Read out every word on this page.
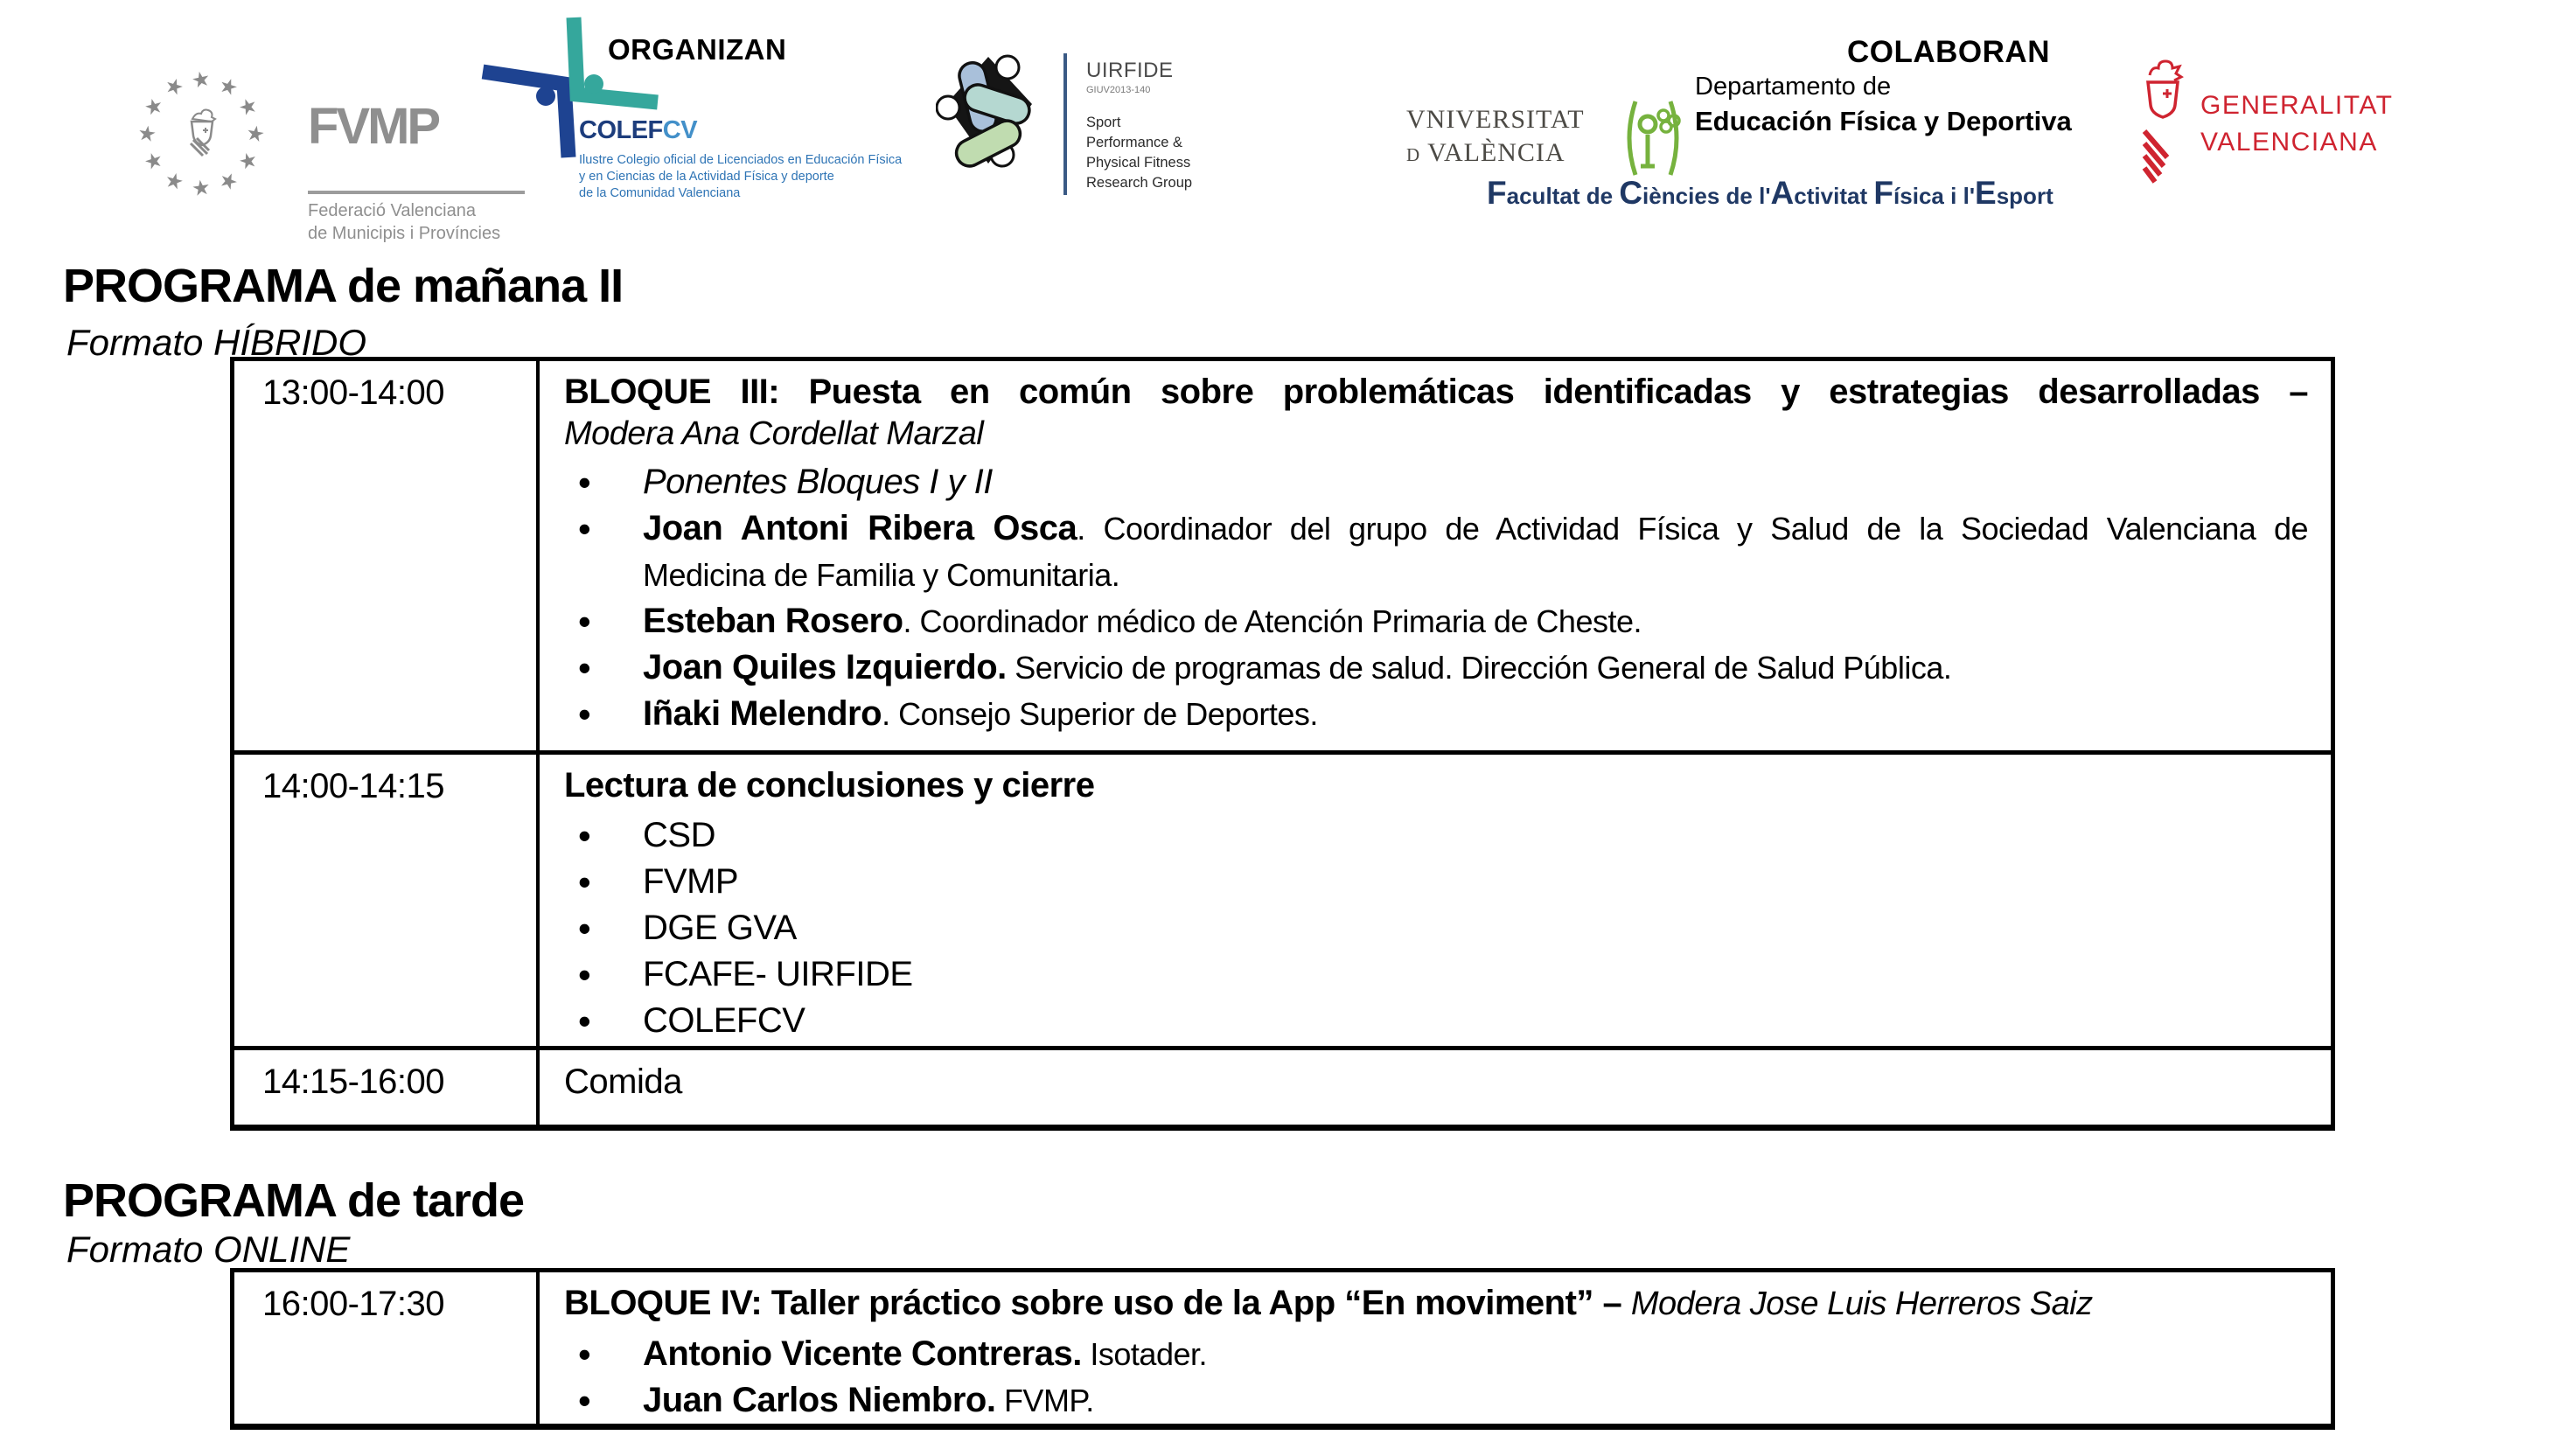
★
★
★
★
★
★
★
★
★
★
★
★
FVMP
Federació Valenciana
de Municipis i Províncies
ORGANIZAN
COLEFCV
Ilustre Colegio oficial de Licenciados en Educación Física
y en Ciencias de la Actividad Física y deporte
de la Comunidad Valenciana
UIRFIDE
GIUV2013-140
Sport
Performance &
Physical Fitness
Research Group
COLABORAN
VNIVERSITAT
D VALÈNCIA
Departamento de
Educación Física y Deportiva
Facultat de Ciències de l'Activitat Física i l'Esport
GENERALITAT
VALENCIANA
PROGRAMA de mañana II
Formato HÍBRIDO
13:00-14:00	BLOQUE III: Puesta en común sobre problemáticas identificadas y estrategias desarrolladas –
Modera Ana Cordellat Marzal
• Ponentes Bloques I y II
• Joan Antoni Ribera Osca. Coordinador del grupo de Actividad Física y Salud de la Sociedad Valenciana de
Medicina de Familia y Comunitaria.
• Esteban Rosero. Coordinador médico de Atención Primaria de Cheste.
• Joan Quiles Izquierdo. Servicio de programas de salud. Dirección General de Salud Pública.
• Iñaki Melendro. Consejo Superior de Deportes.
14:00-14:15	Lectura de conclusiones y cierre
• CSD
• FVMP
• DGE GVA
• FCAFE- UIRFIDE
• COLEFCV
14:15-16:00	Comida
PROGRAMA de tarde
Formato ONLINE
16:00-17:30	BLOQUE IV: Taller práctico sobre uso de la App “En moviment” – Modera Jose Luis Herreros Saiz
• Antonio Vicente Contreras. Isotader.
• Juan Carlos Niembro. FVMP.
